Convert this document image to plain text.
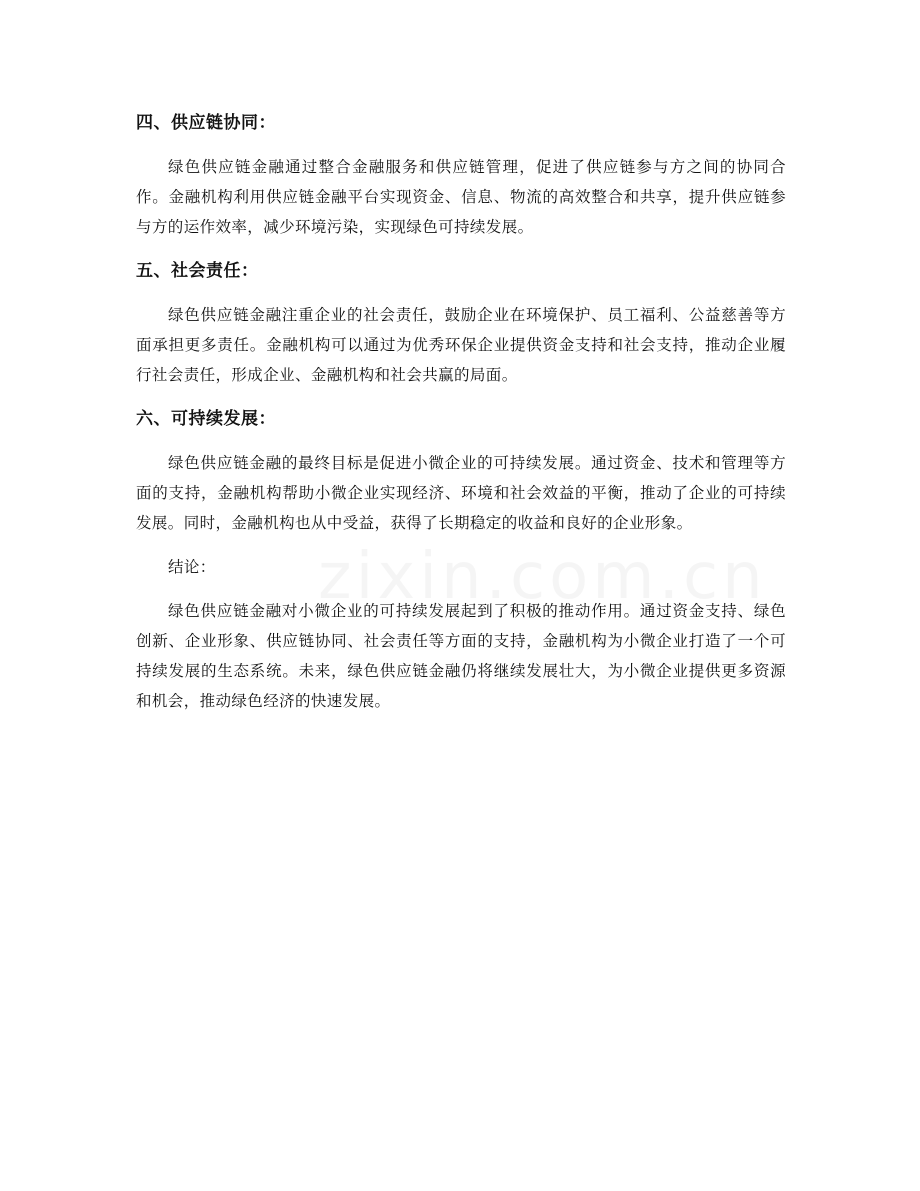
四、供应链协同：

绿色供应链金融通过整合金融服务和供应链管理，促进了供应链参与方之间的协同合作。金融机构利用供应链金融平台实现资金、信息、物流的高效整合和共享，提升供应链参与方的运作效率，减少环境污染，实现绿色可持续发展。

五、社会责任：

绿色供应链金融注重企业的社会责任，鼓励企业在环境保护、员工福利、公益慈善等方面承担更多责任。金融机构可以通过为优秀环保企业提供资金支持和社会支持，推动企业履行社会责任，形成企业、金融机构和社会共赢的局面。

六、可持续发展：

绿色供应链金融的最终目标是促进小微企业的可持续发展。通过资金、技术和管理等方面的支持，金融机构帮助小微企业实现经济、环境和社会效益的平衡，推动了企业的可持续发展。同时，金融机构也从中受益，获得了长期稳定的收益和良好的企业形象。

结论：

绿色供应链金融对小微企业的可持续发展起到了积极的推动作用。通过资金支持、绿色创新、企业形象、供应链协同、社会责任等方面的支持，金融机构为小微企业打造了一个可持续发展的生态系统。未来，绿色供应链金融仍将继续发展壮大，为小微企业提供更多资源和机会，推动绿色经济的快速发展。
